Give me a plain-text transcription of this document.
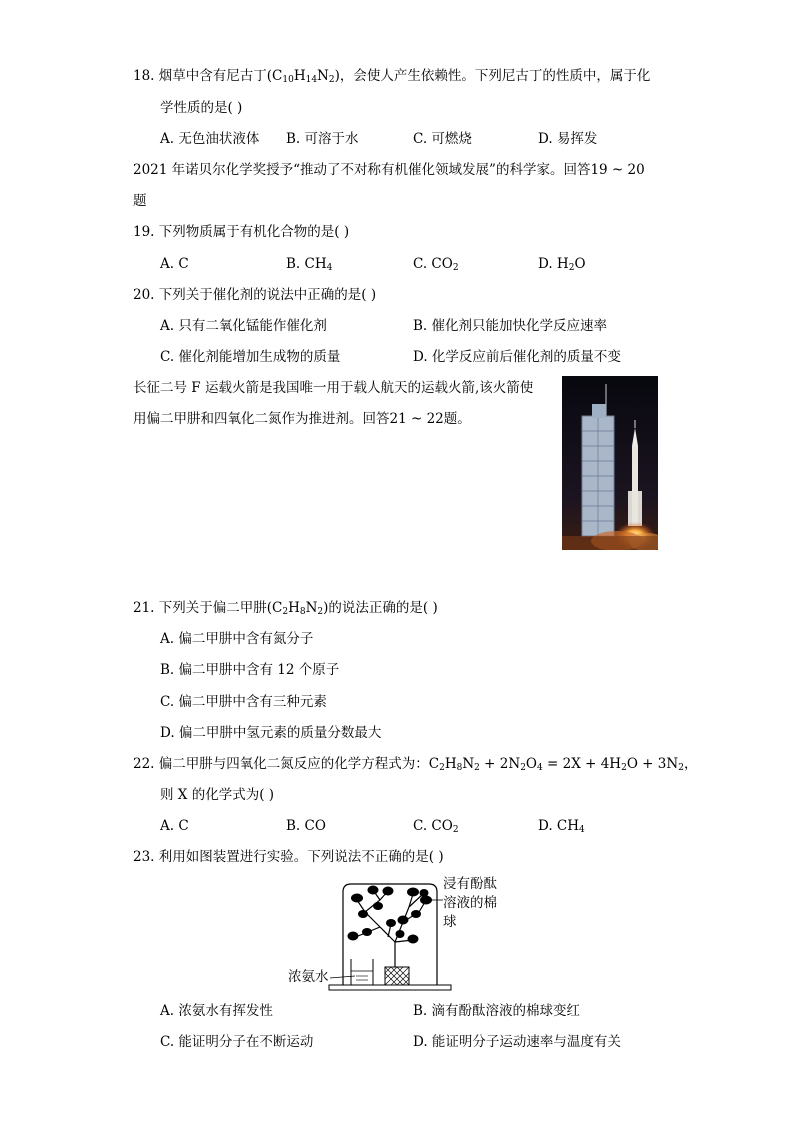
18. 烟草中含有尼古丁$(C_{10}H_{14}N_2)$，会使人产生依赖性。下列尼古丁的性质中，属于化
学性质的是( )
A. 无色油状液体 B. 可溶于水	C. 可燃烧	D. 易挥发
2021 年诺贝尔化学奖授予“推动了不对称有机催化领域发展”的科学家。回答19 ~ 20
题
19. 下列物质属于有机化合物的是( )
A. C	B. $CH_4$	C. $CO_2$	D. $H_2O$
20. 下列关于催化剂的说法中正确的是( )
A. 只有二氧化锰能作催化剂	B. 催化剂只能加快化学反应速率
C. 催化剂能增加生成物的质量	D. 化学反应前后催化剂的质量不变
长征二号 F 运载火箭是我国唯一用于载人航天的运载火箭,该火箭使
用偏二甲肼和四氧化二氮作为推进剂。回答21 ~ 22题。
21. 下列关于偏二甲肼$(C_2H_8N_2)$的说法正确的是( )
A. 偏二甲肼中含有氮分子
B. 偏二甲肼中含有 12 个原子
C. 偏二甲肼中含有三种元素
D. 偏二甲肼中氢元素的质量分数最大
22. 偏二甲肼与四氧化二氮反应的化学方程式为：$C_2H_8N_2 + 2N_2O_4 = 2X + 4H_2O + 3N_2$，
则 X 的化学式为( )
A. C	B. CO	C. $CO_2$	D. $CH_4$
23. 利用如图装置进行实验。下列说法不正确的是( )
浸有酚酞
溶液的棉
球
浓氨水
A. 浓氨水有挥发性	B. 滴有酚酞溶液的棉球变红
C. 能证明分子在不断运动	D. 能证明分子运动速率与温度有关
